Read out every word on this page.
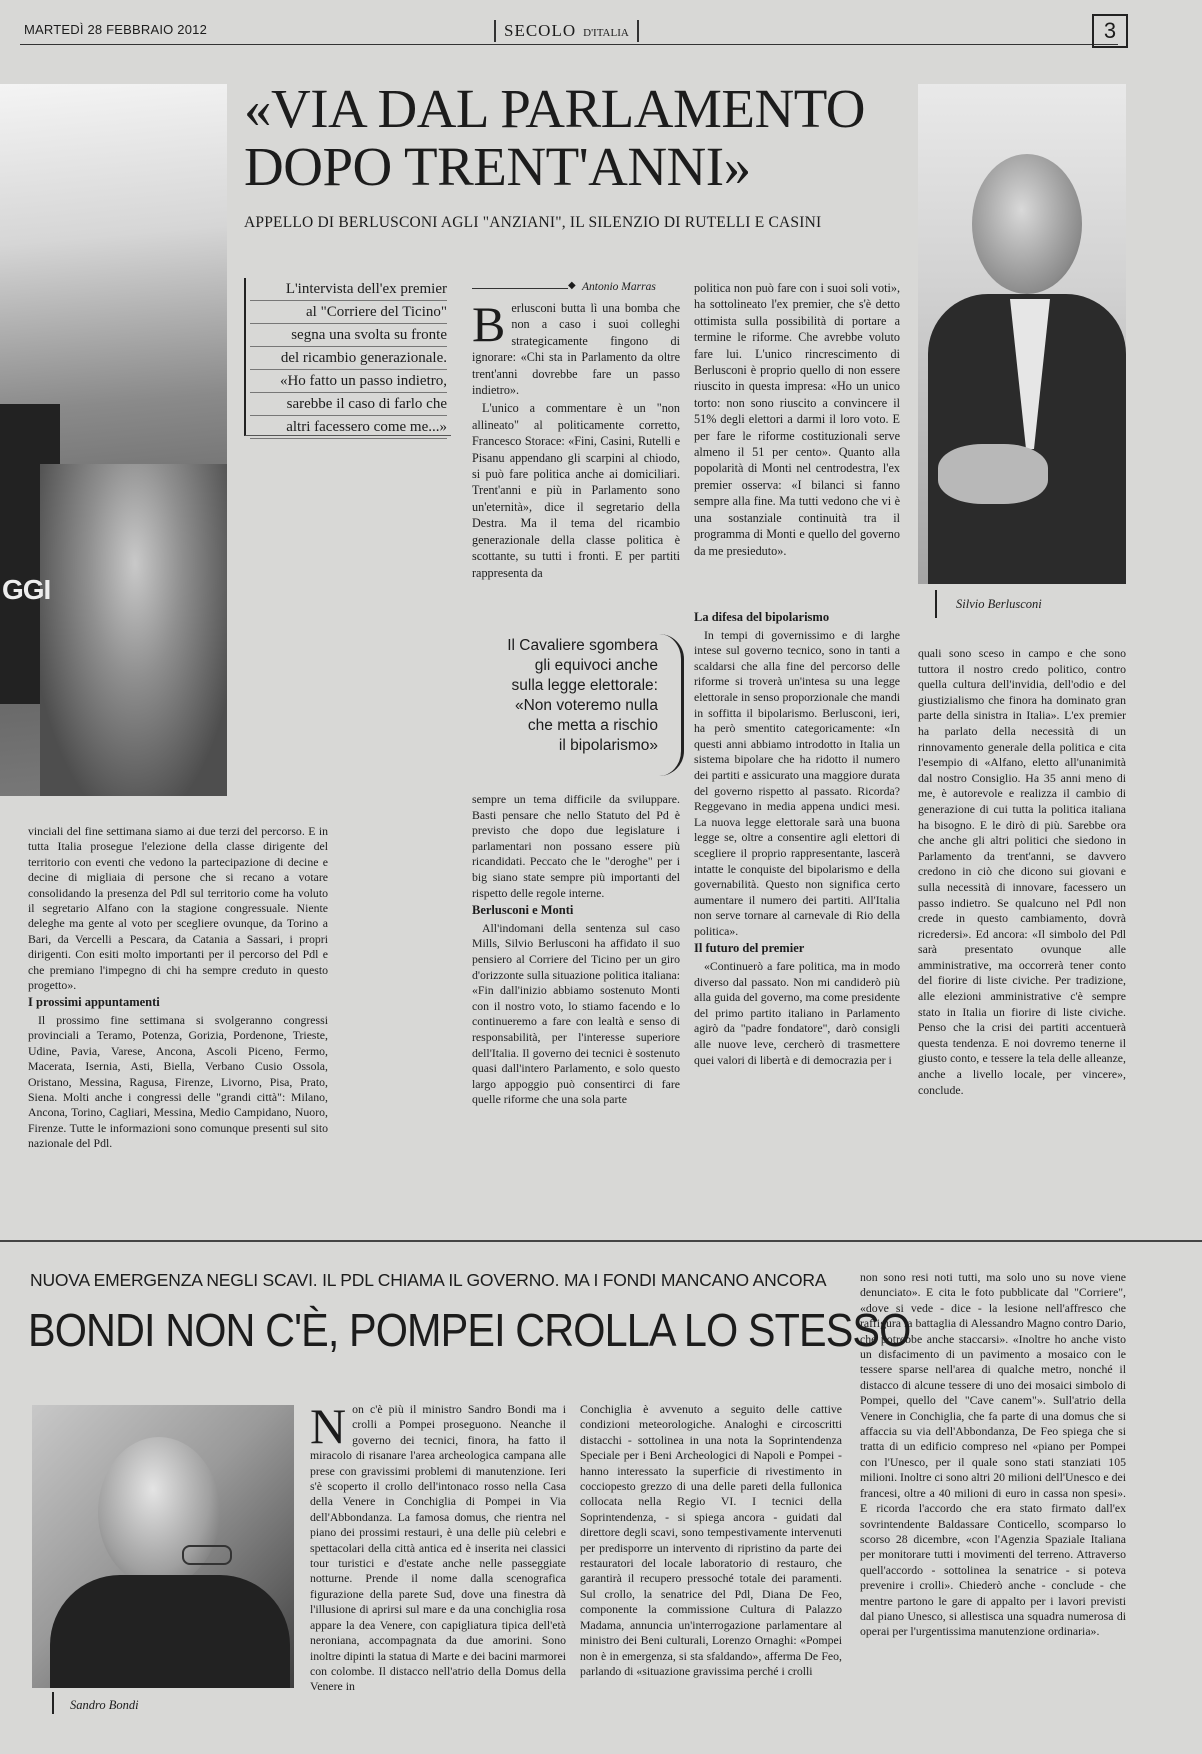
MARTEDÌ 28 FEBBRAIO 2012	SECOLO D'ITALIA	3
GGI
«VIA DAL PARLAMENTO
DOPO TRENT'ANNI»
APPELLO DI BERLUSCONI AGLI "ANZIANI", IL SILENZIO DI RUTELLI E CASINI
Silvio Berlusconi
L'intervista dell'ex premier
al "Corriere del Ticino"
segna una svolta su fronte
del ricambio generazionale.
«Ho fatto un passo indietro,
sarebbe il caso di farlo che
altri facessero come me...»
◆ Antonio Marras

Berlusconi butta lì una bomba che non a caso i suoi colleghi strategicamente fingono di ignorare: «Chi sta in Parlamento da oltre trent'anni dovrebbe fare un passo indietro».

L'unico a commentare è un "non allineato" al politicamente corretto, Francesco Storace: «Fini, Casini, Rutelli e Pisanu appendano gli scarpini al chiodo, si può fare politica anche ai domiciliari. Trent'anni e più in Parlamento sono un'eternità», dice il segretario della Destra. Ma il tema del ricambio generazionale della classe politica è scottante, su tutti i fronti. E per partiti rappresenta da

politica non può fare con i suoi soli voti», ha sottolineato l'ex premier, che s'è detto ottimista sulla possibilità di portare a termine le riforme. Che avrebbe voluto fare lui. L'unico rincrescimento di Berlusconi è proprio quello di non essere riuscito in questa impresa: «Ho un unico torto: non sono riuscito a convincere il 51% degli elettori a darmi il loro voto. E per fare le riforme costituzionali serve almeno il 51 per cento». Quanto alla popolarità di Monti nel centrodestra, l'ex premier osserva: «I bilanci si fanno sempre alla fine. Ma tutti vedono che vi è una sostanziale continuità tra il programma di Monti e quello del governo da me presieduto».

Il Cavaliere sgombera
gli equivoci anche
sulla legge elettorale:
«Non voteremo nulla
che metta a rischio
il bipolarismo»

vinciali del fine settimana siamo ai due terzi del percorso. E in tutta Italia prosegue l'elezione della classe dirigente del territorio con eventi che vedono la partecipazione di decine e decine di migliaia di persone che si recano a votare consolidando la presenza del Pdl sul territorio come ha voluto il segretario Alfano con la stagione congressuale. Niente deleghe ma gente al voto per scegliere ovunque, da Torino a Bari, da Vercelli a Pescara, da Catania a Sassari, i propri dirigenti. Con esiti molto importanti per il percorso del Pdl e che premiano l'impegno di chi ha sempre creduto in questo progetto».

I prossimi appuntamenti

Il prossimo fine settimana si svolgeranno congressi provinciali a Teramo, Potenza, Gorizia, Pordenone, Trieste, Udine, Pavia, Varese, Ancona, Ascoli Piceno, Fermo, Macerata, Isernia, Asti, Biella, Verbano Cusio Ossola, Oristano, Messina, Ragusa, Firenze, Livorno, Pisa, Prato, Siena. Molti anche i congressi delle "grandi città": Milano, Ancona, Torino, Cagliari, Messina, Medio Campidano, Nuoro, Firenze. Tutte le informazioni sono comunque presenti sul sito nazionale del Pdl.

sempre un tema difficile da sviluppare. Basti pensare che nello Statuto del Pd è previsto che dopo due legislature i parlamentari non possano essere più ricandidati. Peccato che le "deroghe" per i big siano state sempre più importanti del rispetto delle regole interne.

Berlusconi e Monti

All'indomani della sentenza sul caso Mills, Silvio Berlusconi ha affidato il suo pensiero al Corriere del Ticino per un giro d'orizzonte sulla situazione politica italiana: «Fin dall'inizio abbiamo sostenuto Monti con il nostro voto, lo stiamo facendo e lo continueremo a fare con lealtà e senso di responsabilità, per l'interesse superiore dell'Italia. Il governo dei tecnici è sostenuto quasi dall'intero Parlamento, e solo questo largo appoggio può consentirci di fare quelle riforme che una sola parte

La difesa del bipolarismo

In tempi di governissimo e di larghe intese sul governo tecnico, sono in tanti a scaldarsi che alla fine del percorso delle riforme si troverà un'intesa su una legge elettorale in senso proporzionale che mandi in soffitta il bipolarismo. Berlusconi, ieri, ha però smentito categoricamente: «In questi anni abbiamo introdotto in Italia un sistema bipolare che ha ridotto il numero dei partiti e assicurato una maggiore durata del governo rispetto al passato. Ricorda? Reggevano in media appena undici mesi. La nuova legge elettorale sarà una buona legge se, oltre a consentire agli elettori di scegliere il proprio rappresentante, lascerà intatte le conquiste del bipolarismo e della governabilità. Questo non significa certo aumentare il numero dei partiti. All'Italia non serve tornare al carnevale di Rio della politica».

Il futuro del premier

«Continuerò a fare politica, ma in modo diverso dal passato. Non mi candiderò più alla guida del governo, ma come presidente del primo partito italiano in Parlamento agirò da "padre fondatore", darò consigli alle nuove leve, cercherò di trasmettere quei valori di libertà e di democrazia per i

quali sono sceso in campo e che sono tuttora il nostro credo politico, contro quella cultura dell'invidia, dell'odio e del giustizialismo che finora ha dominato gran parte della sinistra in Italia». L'ex premier ha parlato della necessità di un rinnovamento generale della politica e cita l'esempio di «Alfano, eletto all'unanimità dal nostro Consiglio. Ha 35 anni meno di me, è autorevole e realizza il cambio di generazione di cui tutta la politica italiana ha bisogno. E le dirò di più. Sarebbe ora che anche gli altri politici che siedono in Parlamento da trent'anni, se davvero credono in ciò che dicono sui giovani e sulla necessità di innovare, facessero un passo indietro. Se qualcuno nel Pdl non crede in questo cambiamento, dovrà ricredersi». Ed ancora: «Il simbolo del Pdl sarà presentato ovunque alle amministrative, ma occorrerà tener conto del fiorire di liste civiche. Per tradizione, alle elezioni amministrative c'è sempre stato in Italia un fiorire di liste civiche. Penso che la crisi dei partiti accentuerà questa tendenza. E noi dovremo tenerne il giusto conto, e tessere la tela delle alleanze, anche a livello locale, per vincere», conclude.

NUOVA EMERGENZA NEGLI SCAVI. IL PDL CHIAMA IL GOVERNO. MA I FONDI MANCANO ANCORA
BONDI NON C'È, POMPEI CROLLA LO STESSO
Sandro Bondi

Non c'è più il ministro Sandro Bondi ma i crolli a Pompei proseguono. Neanche il governo dei tecnici, finora, ha fatto il miracolo di risanare l'area archeologica campana alle prese con gravissimi problemi di manutenzione. Ieri s'è scoperto il crollo dell'intonaco rosso nella Casa della Venere in Conchiglia di Pompei in Via dell'Abbondanza. La famosa domus, che rientra nel piano dei prossimi restauri, è una delle più celebri e spettacolari della città antica ed è inserita nei classici tour turistici e d'estate anche nelle passeggiate notturne. Prende il nome dalla scenografica figurazione della parete Sud, dove una finestra dà l'illusione di aprirsi sul mare e da una conchiglia rosa appare la dea Venere, con capigliatura tipica dell'età neroniana, accompagnata da due amorini. Sono inoltre dipinti la statua di Marte e dei bacini marmorei con colombe. Il distacco nell'atrio della Domus della Venere in

Conchiglia è avvenuto a seguito delle cattive condizioni meteorologiche. Analoghi e circoscritti distacchi - sottolinea in una nota la Soprintendenza Speciale per i Beni Archeologici di Napoli e Pompei - hanno interessato la superficie di rivestimento in cocciopesto grezzo di una delle pareti della fullonica collocata nella Regio VI. I tecnici della Soprintendenza, - si spiega ancora - guidati dal direttore degli scavi, sono tempestivamente intervenuti per predisporre un intervento di ripristino da parte dei restauratori del locale laboratorio di restauro, che garantirà il recupero pressoché totale dei paramenti. Sul crollo, la senatrice del Pdl, Diana De Feo, componente la commissione Cultura di Palazzo Madama, annuncia un'interrogazione parlamentare al ministro dei Beni culturali, Lorenzo Ornaghi: «Pompei non è in emergenza, si sta sfaldando», afferma De Feo, parlando di «situazione gravissima perché i crolli

non sono resi noti tutti, ma solo uno su nove viene denunciato». E cita le foto pubblicate dal "Corriere", «dove si vede - dice - la lesione nell'affresco che raffigura la battaglia di Alessandro Magno contro Dario, che potrebbe anche staccarsi». «Inoltre ho anche visto un disfacimento di un pavimento a mosaico con le tessere sparse nell'area di qualche metro, nonché il distacco di alcune tessere di uno dei mosaici simbolo di Pompei, quello del "Cave canem"». Sull'atrio della Venere in Conchiglia, che fa parte di una domus che si affaccia su via dell'Abbondanza, De Feo spiega che si tratta di un edificio compreso nel «piano per Pompei con l'Unesco, per il quale sono stati stanziati 105 milioni. Inoltre ci sono altri 20 milioni dell'Unesco e dei francesi, oltre a 40 milioni di euro in cassa non spesi». E ricorda l'accordo che era stato firmato dall'ex sovrintendente Baldassare Conticello, scomparso lo scorso 28 dicembre, «con l'Agenzia Spaziale Italiana per monitorare tutti i movimenti del terreno. Attraverso quell'accordo - sottolinea la senatrice - si poteva prevenire i crolli». Chiederò anche - conclude - che mentre partono le gare di appalto per i lavori previsti dal piano Unesco, si allestisca una squadra numerosa di operai per l'urgentissima manutenzione ordinaria».
